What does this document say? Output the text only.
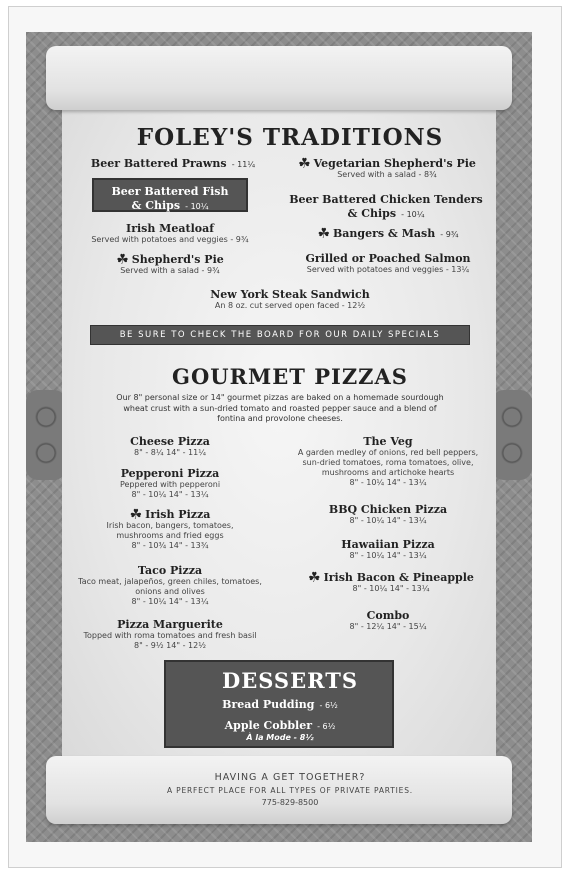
FOLEY'S TRADITIONS
Beer Battered Prawns - 11¼
Beer Battered Fish
& Chips - 10¼
Irish Meatloaf
Served with potatoes and veggies - 9¾
☘ Shepherd's Pie
Served with a salad - 9¾
☘ Vegetarian Shepherd's Pie
Served with a salad - 8¾
Beer Battered Chicken Tenders
& Chips - 10¼
☘ Bangers & Mash - 9¾
Grilled or Poached Salmon
Served with potatoes and veggies - 13¼
New York Steak Sandwich
An 8 oz. cut served open faced - 12½
BE SURE TO CHECK THE BOARD FOR OUR DAILY SPECIALS
GOURMET PIZZAS
Our 8" personal size or 14" gourmet pizzas are baked on a homemade sourdough wheat crust with a sun-dried tomato and roasted pepper sauce and a blend of fontina and provolone cheeses.
Cheese Pizza
8" - 8¼ 14" - 11¼
Pepperoni Pizza
Peppered with pepperoni
8" - 10¼ 14" - 13¼
☘ Irish Pizza
Irish bacon, bangers, tomatoes,
mushrooms and fried eggs
8" - 10¾ 14" - 13¾
Taco Pizza
Taco meat, jalapeños, green chiles, tomatoes,
onions and olives
8" - 10¼ 14" - 13¼
Pizza Marguerite
Topped with roma tomatoes and fresh basil
8" - 9½ 14" - 12½
The Veg
A garden medley of onions, red bell peppers,
sun-dried tomatoes, roma tomatoes, olive,
mushrooms and artichoke hearts
8" - 10¼ 14" - 13¼
BBQ Chicken Pizza
8" - 10¼ 14" - 13¼
Hawaiian Pizza
8" - 10¼ 14" - 13¼
☘ Irish Bacon & Pineapple
8" - 10¼ 14" - 13¼
Combo
8" - 12¼ 14" - 15¼
DESSERTS
Bread Pudding - 6½
Apple Cobbler - 6½
À la Mode - 8½
HAVING A GET TOGETHER?
A PERFECT PLACE FOR ALL TYPES OF PRIVATE PARTIES.
775-829-8500
